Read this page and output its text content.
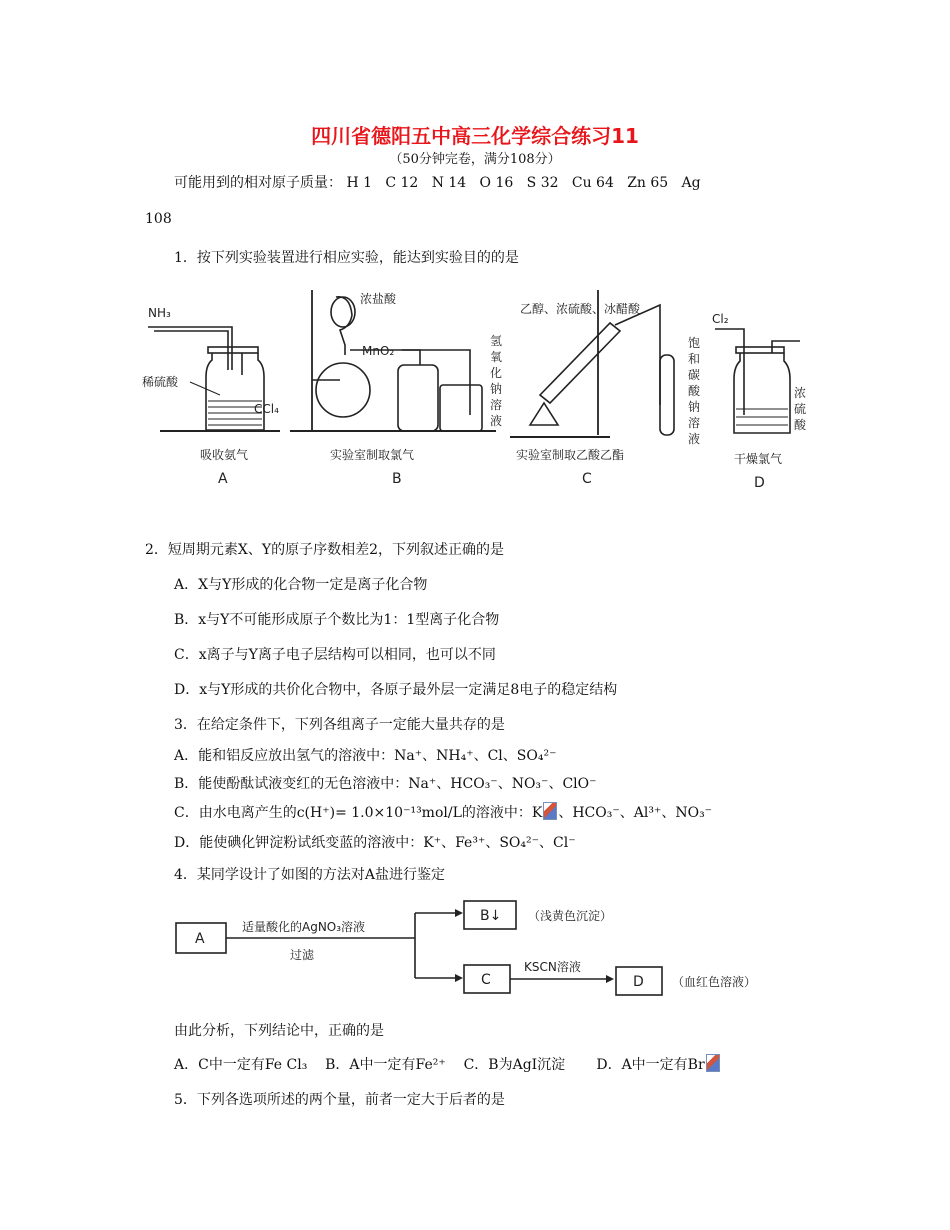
四川省德阳五中高三化学综合练习11
（50分钟完卷，满分108分）
可能用到的相对原子质量： H 1   C 12   N 14   O 16   S 32   Cu 64   Zn 65   Ag
108
1．按下列实验装置进行相应实验，能达到实验目的的是
NH₃
稀硫酸
CCl₄
吸收氨气
A
浓盐酸
MnO₂
氢
氧
化
钠
溶
液
实验室制取氯气
B
乙醇、浓硫酸、冰醋酸
饱
和
碳
酸
钠
溶
液
实验室制取乙酸乙酯
C
Cl₂
浓
硫
酸
干燥氯气
D
2．短周期元素X、Y的原子序数相差2，下列叙述正确的是
A．X与Y形成的化合物一定是离子化合物
B．x与Y不可能形成原子个数比为1：1型离子化合物
C．x离子与Y离子电子层结构可以相同，也可以不同
D．x与Y形成的共价化合物中，各原子最外层一定满足8电子的稳定结构
3．在给定条件下，下列各组离子一定能大量共存的是
A．能和铝反应放出氢气的溶液中：Na⁺、NH₄⁺、Cl、SO₄²⁻
B．能使酚酞试液变红的无色溶液中：Na⁺、HCO₃⁻、NO₃⁻、ClO⁻
C．由水电离产生的c(H⁺)= 1.0×10⁻¹³mol/L的溶液中：K 、HCO₃⁻、Al³⁺、NO₃⁻
D．能使碘化钾淀粉试纸变蓝的溶液中：K⁺、Fe³⁺、SO₄²⁻、Cl⁻
4．某同学设计了如图的方法对A盐进行鉴定
A
适量酸化的AgNO₃溶液
过滤
B↓ （浅黄色沉淀）
C
KSCN溶液
D （血红色溶液）
由此分析，下列结论中，正确的是
A．C中一定有Fe Cl₃ B．A中一定有Fe²⁺ C．B为AgI沉淀 D．A中一定有Br
5．下列各选项所述的两个量，前者一定大于后者的是
